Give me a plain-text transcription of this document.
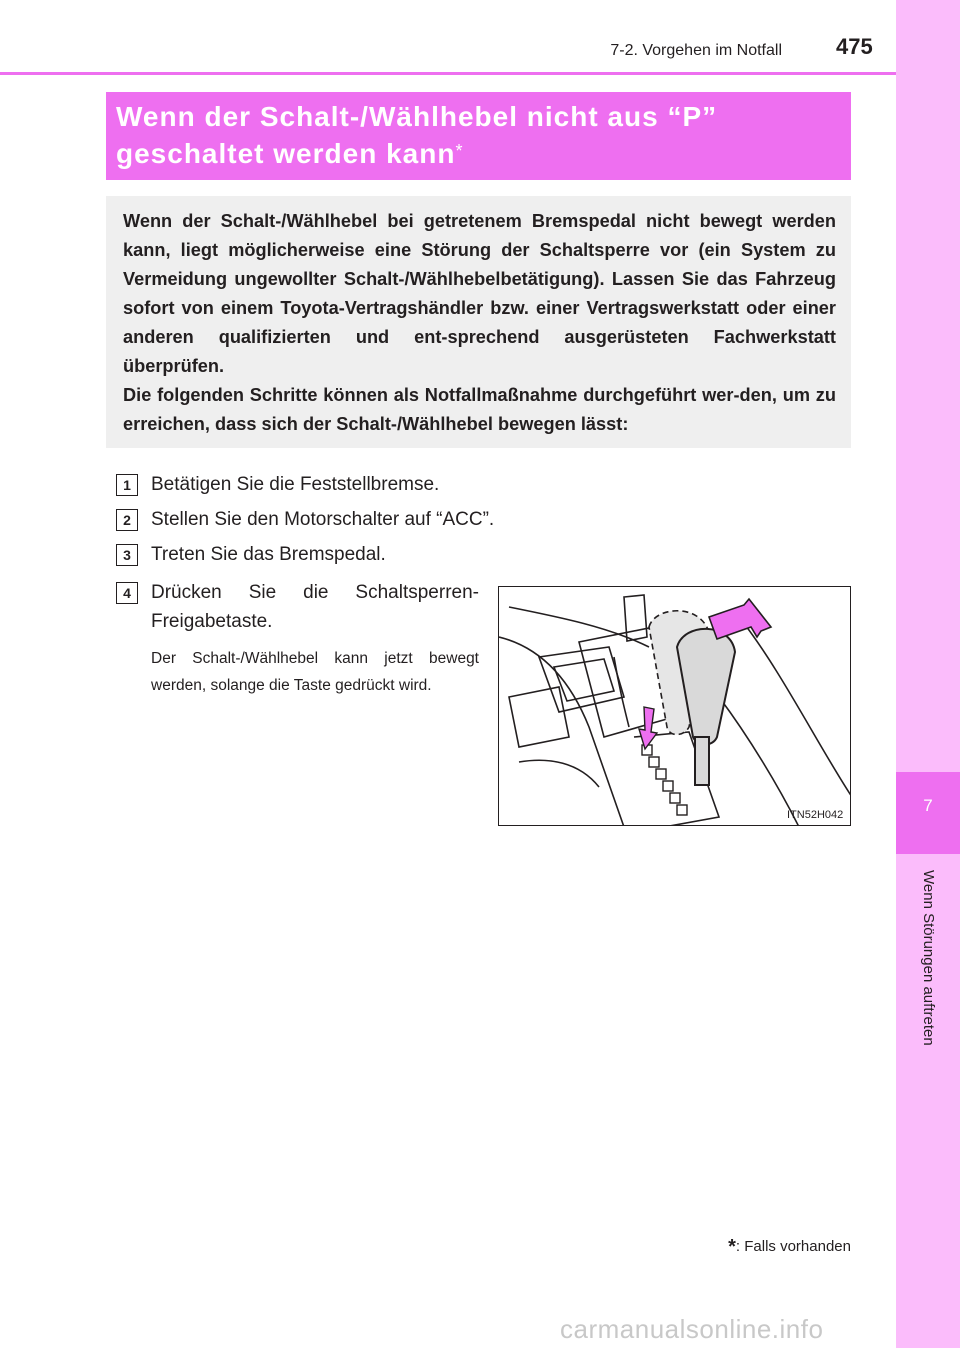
7
Wenn Störungen auftreten
7-2. Vorgehen im Notfall 475
Wenn der Schalt-/Wählhebel nicht aus “P”
geschaltet werden kann*

Wenn der Schalt-/Wählhebel bei getretenem Bremspedal nicht bewegt werden kann, liegt möglicherweise eine Störung der Schaltsperre vor (ein System zu Vermeidung ungewollter Schalt-/Wählhebelbetätigung). Lassen Sie das Fahrzeug sofort von einem Toyota-Vertragshändler bzw. einer Vertragswerkstatt oder einer anderen qualifizierten und ent-sprechend ausgerüsteten Fachwerkstatt überprüfen.

Die folgenden Schritte können als Notfallmaßnahme durchgeführt wer-den, um zu erreichen, dass sich der Schalt-/Wählhebel bewegen lässt:

1	Betätigen Sie die Feststellbremse.
2	Stellen Sie den Motorschalter auf “ACC”.
3	Treten Sie das Bremspedal.
4	Drücken Sie die Schaltsperren-Freigabetaste.
Der Schalt-/Wählhebel kann jetzt bewegt werden, solange die Taste gedrückt wird.
ITN52H042
*: Falls vorhanden
carmanualsonline.info
